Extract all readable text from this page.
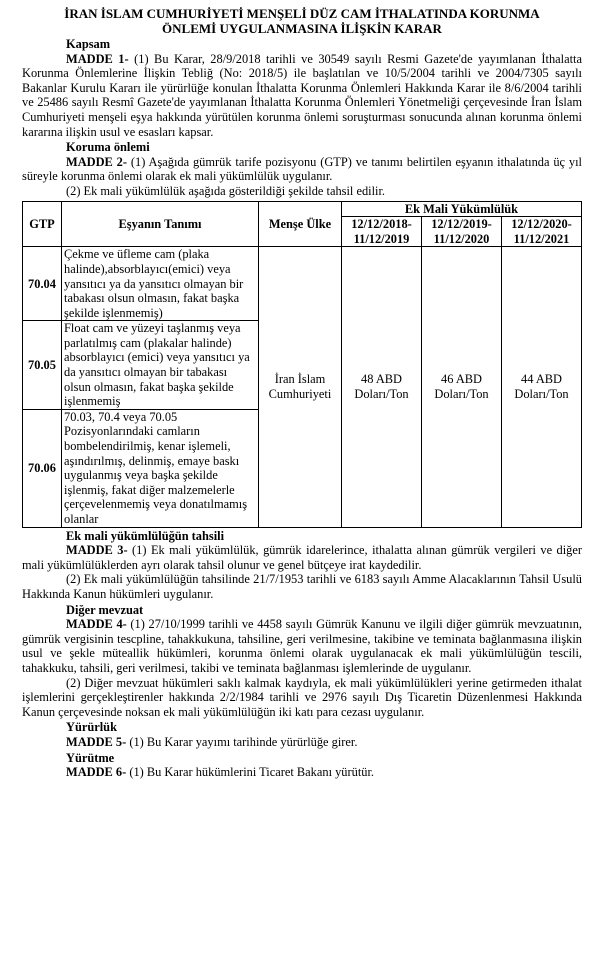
İRAN İSLAM CUMHURİYETİ MENŞELİ DÜZ CAM İTHALATINDA KORUNMA

ÖNLEMİ UYGULANMASINA İLİŞKİN KARAR

Kapsam

MADDE 1- (1) Bu Karar, 28/9/2018 tarihli ve 30549 sayılı Resmi Gazete'de yayımlanan İthalatta Korunma Önlemlerine İlişkin Tebliğ (No: 2018/5) ile başlatılan ve 10/5/2004 tarihli ve 2004/7305 sayılı Bakanlar Kurulu Kararı ile yürürlüğe konulan İthalatta Korunma Önlemleri Hakkında Karar ile 8/6/2004 tarihli ve 25486 sayılı Resmî Gazete'de yayımlanan İthalatta Korunma Önlemleri Yönetmeliği çerçevesinde İran İslam Cumhuriyeti menşeli eşya hakkında yürütülen korunma önlemi soruşturması sonucunda alınan korunma önlemi kararına ilişkin usul ve esasları kapsar.

Koruma önlemi

MADDE 2- (1) Aşağıda gümrük tarife pozisyonu (GTP) ve tanımı belirtilen eşyanın ithalatında üç yıl süreyle korunma önlemi olarak ek mali yükümlülük uygulanır.

(2) Ek mali yükümlülük aşağıda gösterildiği şekilde tahsil edilir.

GTP	Eşyanın Tanımı	Menşe Ülke	Ek Mali Yükümlülük		
			12/12/2018-11/12/2019	12/12/2019-11/12/2020	12/12/2020-11/12/2021
70.04	Çekme ve üfleme cam (plaka halinde),absorblayıcı(emici) veya yansıtıcı ya da yansıtıcı olmayan bir tabakası olsun olmasın, fakat başka şekilde işlenmemiş)	İran İslam Cumhuriyeti	48 ABD Doları/Ton	46 ABD Doları/Ton	44 ABD Doları/Ton
70.05	Float cam ve yüzeyi taşlanmış veya parlatılmış cam (plakalar halinde) absorblayıcı (emici) veya yansıtıcı ya da yansıtıcı olmayan bir tabakası olsun olmasın, fakat başka şekilde işlenmemiş				
70.06	70.03, 70.4 veya 70.05 Pozisyonlarındaki camların bombelendirilmiş, kenar işlemeli, aşındırılmış, delinmiş, emaye baskı uygulanmış veya başka şekilde işlenmiş, fakat diğer malzemelerle çerçevelenmemiş veya donatılmamış olanlar				
Ek mali yükümlülüğün tahsili

MADDE 3- (1) Ek mali yükümlülük, gümrük idarelerince, ithalatta alınan gümrük vergileri ve diğer mali yükümlülüklerden ayrı olarak tahsil olunur ve genel bütçeye irat kaydedilir.

(2) Ek mali yükümlülüğün tahsilinde 21/7/1953 tarihli ve 6183 sayılı Amme Alacaklarının Tahsil Usulü Hakkında Kanun hükümleri uygulanır.

Diğer mevzuat

MADDE 4- (1) 27/10/1999 tarihli ve 4458 sayılı Gümrük Kanunu ve ilgili diğer gümrük mevzuatının, gümrük vergisinin tescpline, tahakkukuna, tahsiline, geri verilmesine, takibine ve teminata bağlanmasına ilişkin usul ve şekle müteallik hükümleri, korunma önlemi olarak uygulanacak ek mali yükümlülüğün tescili, tahakkuku, tahsili, geri verilmesi, takibi ve teminata bağlanması işlemlerinde de uygulanır.

(2) Diğer mevzuat hükümleri saklı kalmak kaydıyla, ek mali yükümlülükleri yerine getirmeden ithalat işlemlerini gerçekleştirenler hakkında 2/2/1984 tarihli ve 2976 sayılı Dış Ticaretin Düzenlenmesi Hakkında Kanun çerçevesinde noksan ek mali yükümlülüğün iki katı para cezası uygulanır.

Yürürlük

MADDE 5- (1) Bu Karar yayımı tarihinde yürürlüğe girer.

Yürütme

MADDE 6- (1) Bu Karar hükümlerini Ticaret Bakanı yürütür.
